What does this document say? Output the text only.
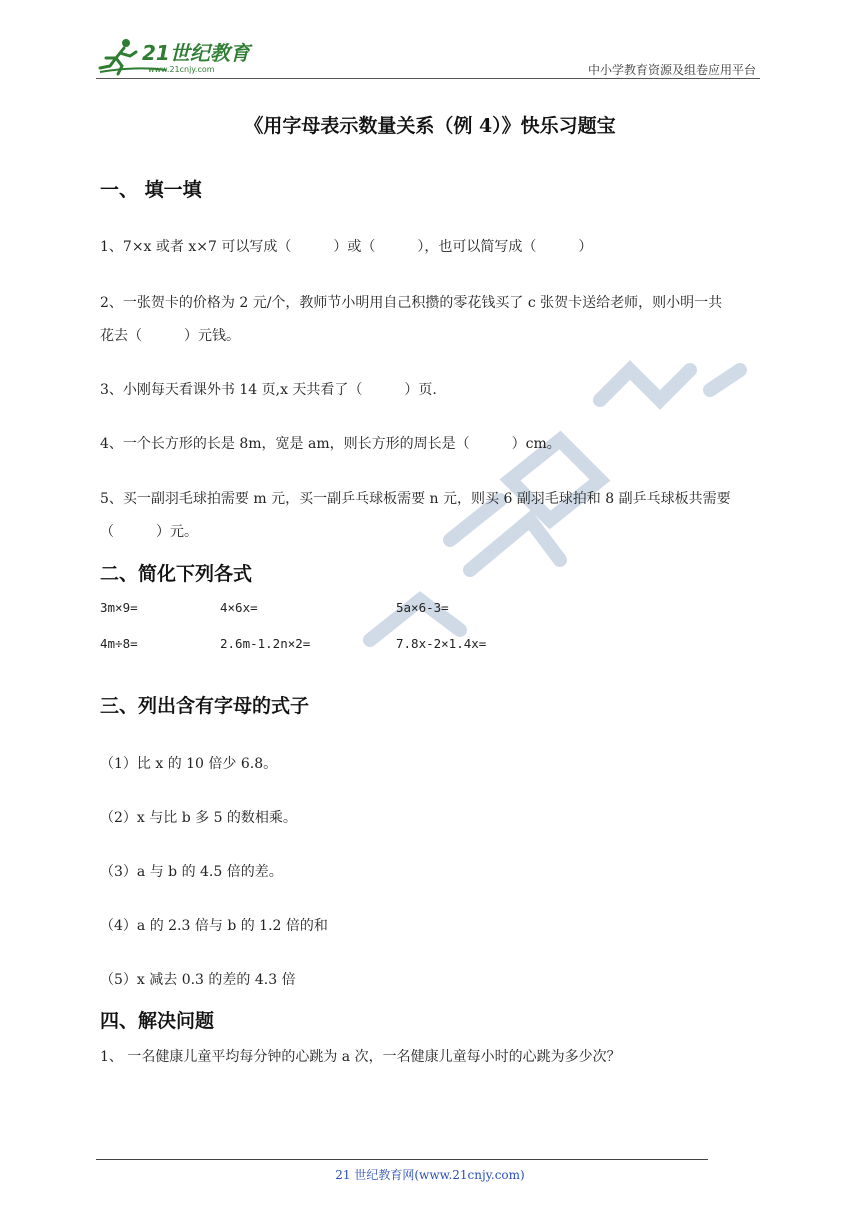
21世纪教育
www.21cnjy.com	中小学教育资源及组卷应用平台
《用字母表示数量关系（例 4）》快乐习题宝
一、 填一填
1、7×x 或者 x×7 可以写成（　　　）或（　　　），也可以简写成（　　　）
2、一张贺卡的价格为 2 元/个，教师节小明用自己积攒的零花钱买了 c 张贺卡送给老师，则小明一共
花去（　　　）元钱。
3、小刚每天看课外书 14 页,x 天共看了（　　　）页.
4、一个长方形的长是 8m，宽是 am，则长方形的周长是（　　　）cm。
5、买一副羽毛球拍需要 m 元，买一副乒乓球板需要 n 元，则买 6 副羽毛球拍和 8 副乒乓球板共需要
（　　　）元。
二、简化下列各式
3m×9=	4×6x=	5a×6-3=
4m÷8=	2.6m-1.2n×2=	7.8x-2×1.4x=
三、列出含有字母的式子
（1）比 x 的 10 倍少 6.8。
（2）x 与比 b 多 5 的数相乘。
（3）a 与 b 的 4.5 倍的差。
（4）a 的 2.3 倍与 b 的 1.2 倍的和
（5）x 减去 0.3 的差的 4.3 倍
四、解决问题
1、 一名健康儿童平均每分钟的心跳为 a 次，一名健康儿童每小时的心跳为多少次？
21 世纪教育网(www.21cnjy.com)
